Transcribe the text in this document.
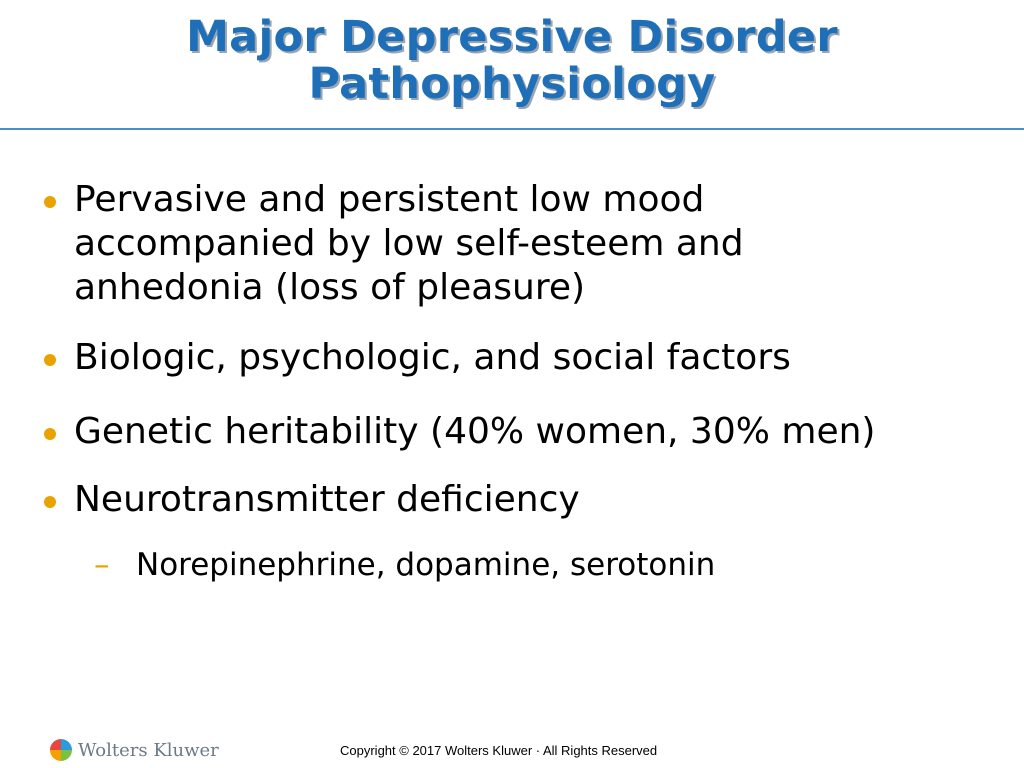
Major Depressive Disorder
Pathophysiology
Pervasive and persistent low mood
accompanied by low self-esteem and
anhedonia (loss of pleasure)
Biologic, psychologic, and social factors
Genetic heritability (40% women, 30% men)
Neurotransmitter deficiency
– Norepinephrine, dopamine, serotonin
Wolters Kluwer	Copyright © 2017 Wolters Kluwer · All Rights Reserved
